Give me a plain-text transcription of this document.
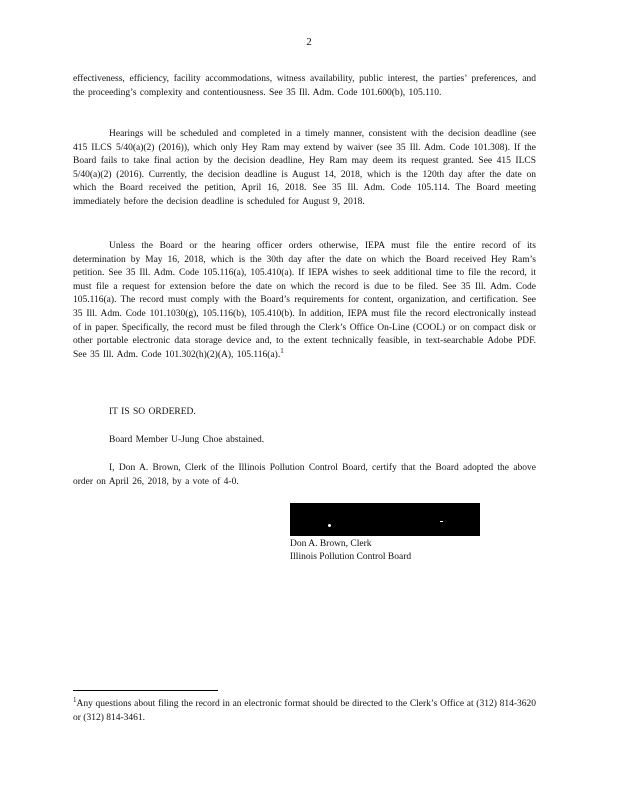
2

effectiveness, efficiency, facility accommodations, witness availability, public interest, the parties’ preferences, and the proceeding’s complexity and contentiousness. See 35 Ill. Adm. Code 101.600(b), 105.110.

Hearings will be scheduled and completed in a timely manner, consistent with the decision deadline (see 415 ILCS 5/40(a)(2) (2016)), which only Hey Ram may extend by waiver (see 35 Ill. Adm. Code 101.308). If the Board fails to take final action by the decision deadline, Hey Ram may deem its request granted. See 415 ILCS 5/40(a)(2) (2016). Currently, the decision deadline is August 14, 2018, which is the 120th day after the date on which the Board received the petition, April 16, 2018. See 35 Ill. Adm. Code 105.114. The Board meeting immediately before the decision deadline is scheduled for August 9, 2018.

Unless the Board or the hearing officer orders otherwise, IEPA must file the entire record of its determination by May 16, 2018, which is the 30th day after the date on which the Board received Hey Ram’s petition. See 35 Ill. Adm. Code 105.116(a), 105.410(a). If IEPA wishes to seek additional time to file the record, it must file a request for extension before the date on which the record is due to be filed. See 35 Ill. Adm. Code 105.116(a). The record must comply with the Board’s requirements for content, organization, and certification. See 35 Ill. Adm. Code 101.1030(g), 105.116(b), 105.410(b). In addition, IEPA must file the record electronically instead of in paper. Specifically, the record must be filed through the Clerk’s Office On-Line (COOL) or on compact disk or other portable electronic data storage device and, to the extent technically feasible, in text-searchable Adobe PDF. See 35 Ill. Adm. Code 101.302(h)(2)(A), 105.116(a).$^1$

IT IS SO ORDERED.

Board Member U-Jung Choe abstained.

I, Don A. Brown, Clerk of the Illinois Pollution Control Board, certify that the Board adopted the above order on April 26, 2018, by a vote of 4-0.

Don A. Brown, Clerk
Illinois Pollution Control Board

$^1$Any questions about filing the record in an electronic format should be directed to the Clerk’s Office at (312) 814-3620 or (312) 814-3461.
